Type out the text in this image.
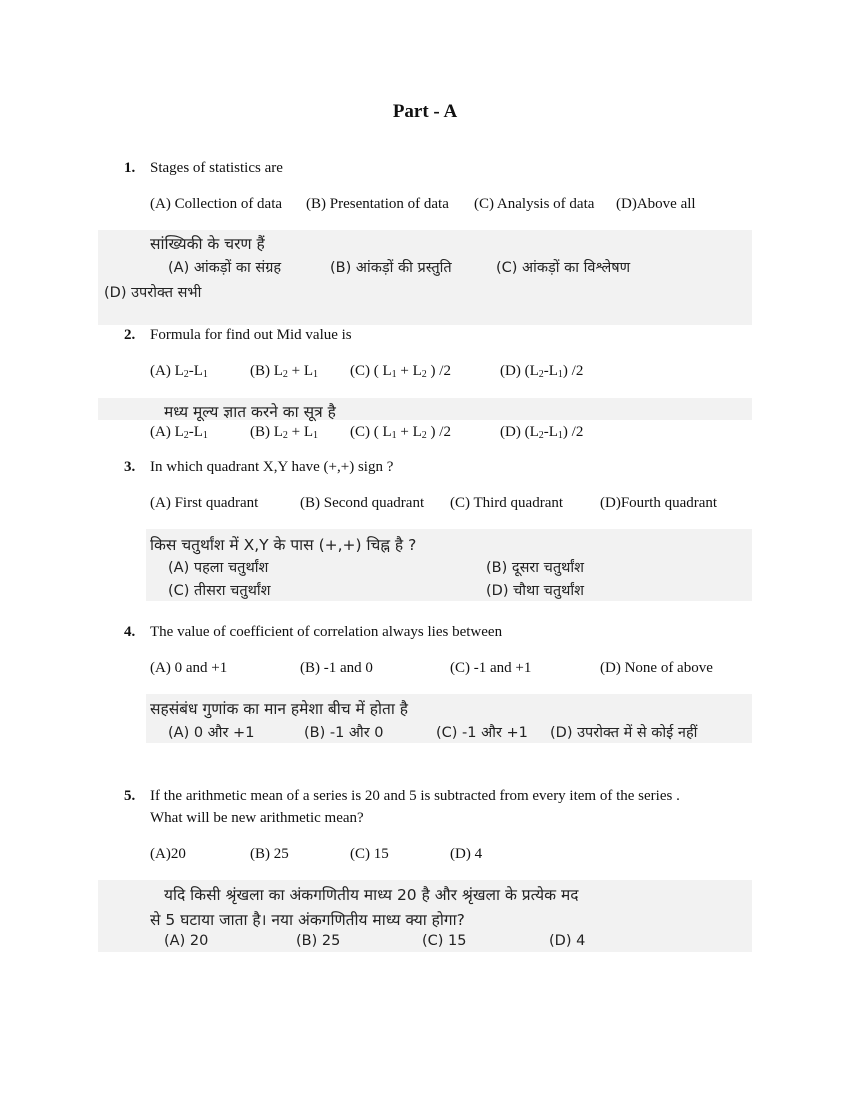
Part - A
1. Stages of statistics are
(A) Collection of data (B) Presentation of data (C) Analysis of data (D)Above all
सांख्यिकी के चरण हैं
(A) आंकड़ों का संग्रह	(B) आंकड़ों की प्रस्तुति	(C) आंकड़ों का विश्लेषण
(D) उपरोक्त सभी
2. Formula for find out Mid value is
(A) $L_2-L_1$	(B) $L_2 + L_1$ (C) ( $L_1 + L_2$ ) /2	(D) $(L_2-L_1)$ /2
मध्य मूल्य ज्ञात करने का सूत्र है
(A) $L_2-L_1$	(B) $L_2 + L_1$ (C) ( $L_1 + L_2$ ) /2	(D) $(L_2-L_1)$ /2
3. In which quadrant X,Y have (+,+) sign ?
(A) First quadrant	(B) Second quadrant (C) Third quadrant (D)Fourth quadrant
किस चतुर्थांश में X,Y के पास (+,+) चिह्न है ?
(A) पहला चतुर्थांश	(B) दूसरा चतुर्थांश
(C) तीसरा चतुर्थांश	(D) चौथा चतुर्थांश
4. The value of coefficient of correlation always lies between
(A) 0 and +1	(B) -1 and 0	(C) -1 and +1	(D) None of above
सहसंबंध गुणांक का मान हमेशा बीच में होता है
(A) 0 और +1	(B) -1 और 0	(C) -1 और +1 (D) उपरोक्त में से कोई नहीं
5. If the arithmetic mean of a series is 20 and 5 is subtracted from every item of the series .
What will be new arithmetic mean?
(A)20	(B) 25	(C) 15	(D) 4
यदि किसी श्रृंखला का अंकगणितीय माध्य 20 है और श्रृंखला के प्रत्येक मद
से 5 घटाया जाता है। नया अंकगणितीय माध्य क्या होगा?
(A) 20	(B) 25	(C) 15	(D) 4
